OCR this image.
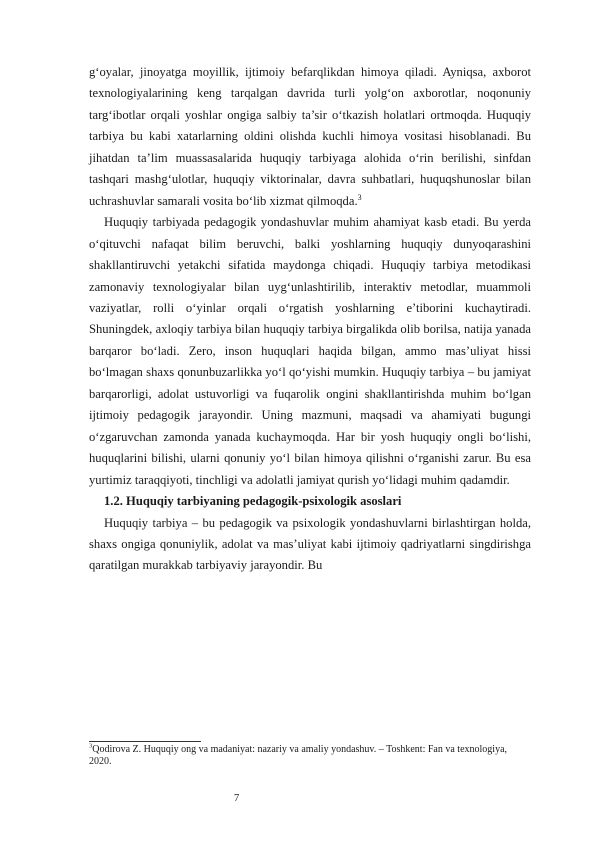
g‘oyalar, jinoyatga moyillik, ijtimoiy befarqlikdan himoya qiladi. Ayniqsa, axborot texnologiyalarining keng tarqalgan davrida turli yolg‘on axborotlar, noqonuniy targ‘ibotlar orqali yoshlar ongiga salbiy ta’sir o‘tkazish holatlari ortmoqda. Huquqiy tarbiya bu kabi xatarlarning oldini olishda kuchli himoya vositasi hisoblanadi. Bu jihatdan ta’lim muassasalarida huquqiy tarbiyaga alohida o‘rin berilishi, sinfdan tashqari mashg‘ulotlar, huquqiy viktorinalar, davra suhbatlari, huquqshunoslar bilan uchrashuvlar samarali vosita bo‘lib xizmat qilmoqda.$^3$

Huquqiy tarbiyada pedagogik yondashuvlar muhim ahamiyat kasb etadi. Bu yerda o‘qituvchi nafaqat bilim beruvchi, balki yoshlarning huquqiy dunyoqarashini shakllantiruvchi yetakchi sifatida maydonga chiqadi. Huquqiy tarbiya metodikasi zamonaviy texnologiyalar bilan uyg‘unlashtirilib, interaktiv metodlar, muammoli vaziyatlar, rolli o‘yinlar orqali o‘rgatish yoshlarning e’tiborini kuchaytiradi. Shuningdek, axloqiy tarbiya bilan huquqiy tarbiya birgalikda olib borilsa, natija yanada barqaror bo‘ladi. Zero, inson huquqlari haqida bilgan, ammo mas’uliyat hissi bo‘lmagan shaxs qonunbuzarlikka yo‘l qo‘yishi mumkin. Huquqiy tarbiya – bu jamiyat barqarorligi, adolat ustuvorligi va fuqarolik ongini shakllantirishda muhim bo‘lgan ijtimoiy pedagogik jarayondir. Uning mazmuni, maqsadi va ahamiyati bugungi o‘zgaruvchan zamonda yanada kuchaymoqda. Har bir yosh huquqiy ongli bo‘lishi, huquqlarini bilishi, ularni qonuniy yo‘l bilan himoya qilishni o‘rganishi zarur. Bu esa yurtimiz taraqqiyoti, tinchligi va adolatli jamiyat qurish yo‘lidagi muhim qadamdir.

1.2. Huquqiy tarbiyaning pedagogik-psixologik asoslari

Huquqiy tarbiya – bu pedagogik va psixologik yondashuvlarni birlashtirgan holda, shaxs ongiga qonuniylik, adolat va mas’uliyat kabi ijtimoiy qadriyatlarni singdirishga qaratilgan murakkab tarbiyaviy jarayondir. Bu

$^3$Qodirova Z. Huquqiy ong va madaniyat: nazariy va amaliy yondashuv. – Toshkent: Fan va texnologiya, 2020.
7
